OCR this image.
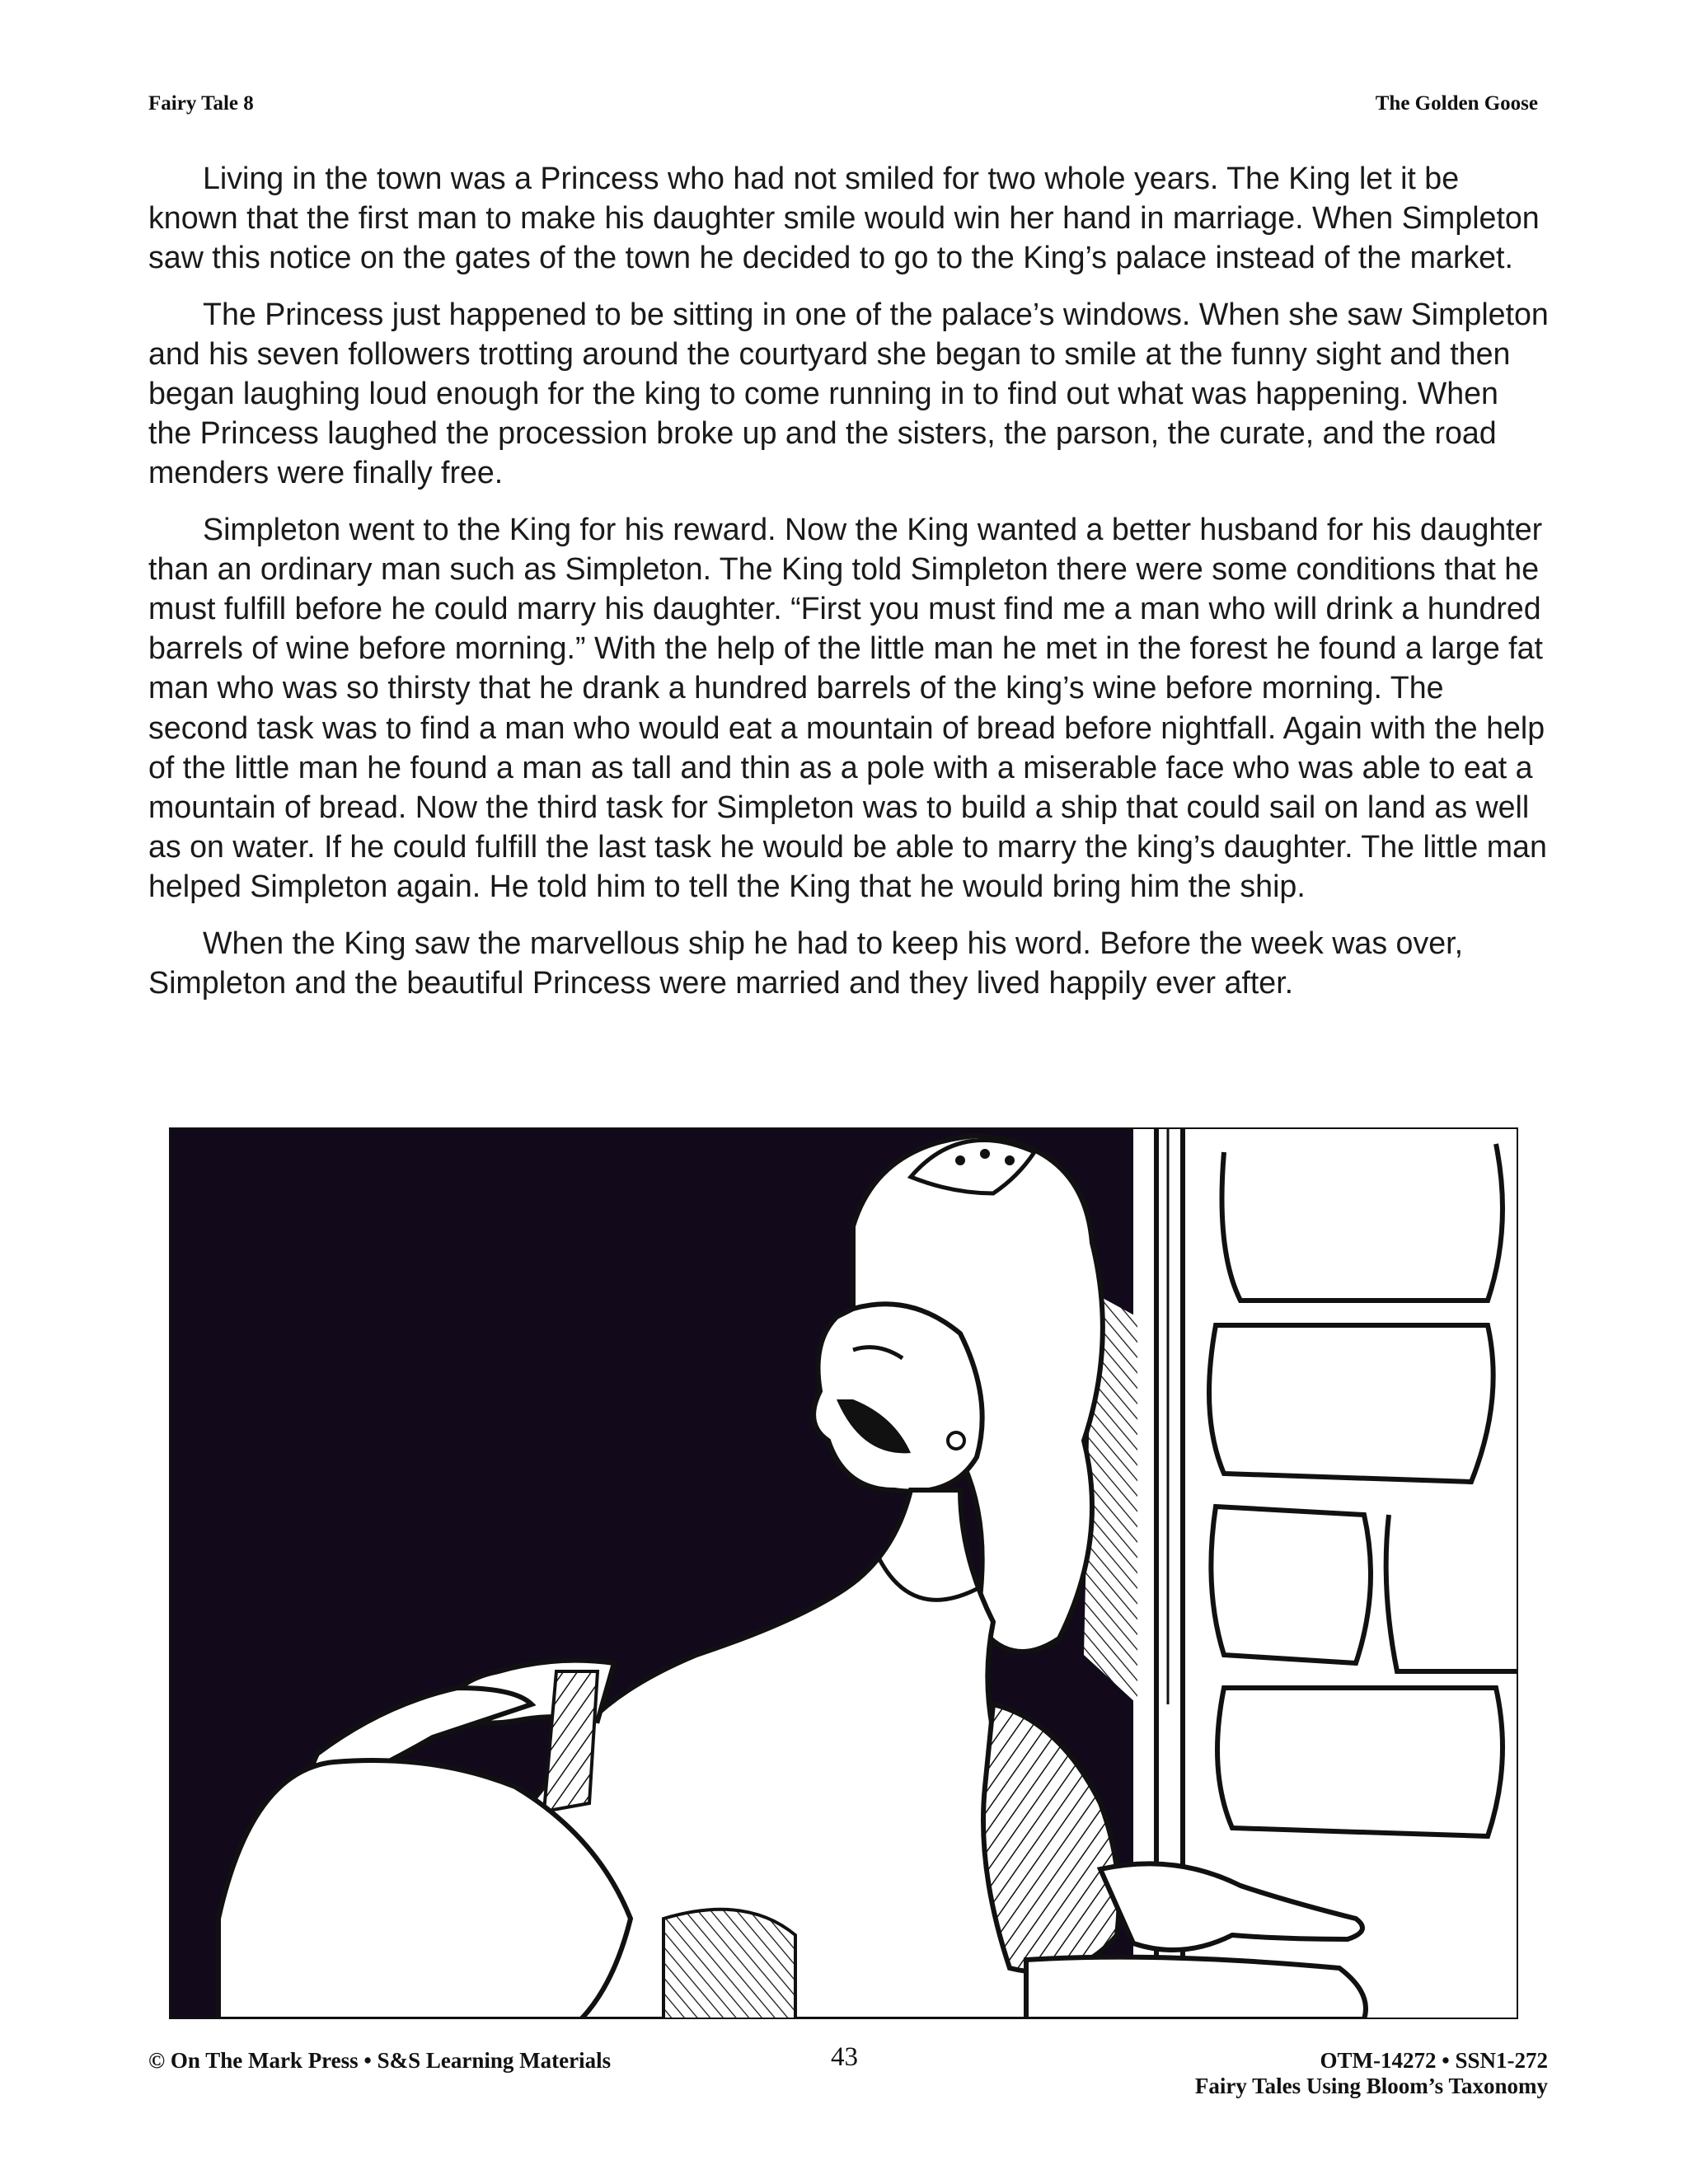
Fairy Tale 8	The Golden Goose

Living in the town was a Princess who had not smiled for two whole years. The King let it be known that the first man to make his daughter smile would win her hand in marriage. When Simpleton saw this notice on the gates of the town he decided to go to the King’s palace instead of the market.

The Princess just happened to be sitting in one of the palace’s windows. When she saw Simpleton and his seven followers trotting around the courtyard she began to smile at the funny sight and then began laughing loud enough for the king to come running in to find out what was happening. When the Princess laughed the procession broke up and the sisters, the parson, the curate, and the road menders were finally free.

Simpleton went to the King for his reward. Now the King wanted a better husband for his daughter than an ordinary man such as Simpleton. The King told Simpleton there were some conditions that he must fulfill before he could marry his daughter. “First you must find me a man who will drink a hundred barrels of wine before morning.” With the help of the little man he met in the forest he found a large fat man who was so thirsty that he drank a hundred barrels of the king’s wine before morning. The second task was to find a man who would eat a mountain of bread before nightfall. Again with the help of the little man he found a man as tall and thin as a pole with a miserable face who was able to eat a mountain of bread. Now the third task for Simpleton was to build a ship that could sail on land as well as on water. If he could fulfill the last task he would be able to marry the king’s daughter. The little man helped Simpleton again. He told him to tell the King that he would bring him the ship.

When the King saw the marvellous ship he had to keep his word. Before the week was over, Simpleton and the beautiful Princess were married and they lived happily ever after.

© On The Mark Press • S&S Learning Materials	43	OTM-14272 • SSN1-272
Fairy Tales Using Bloom’s Taxonomy
